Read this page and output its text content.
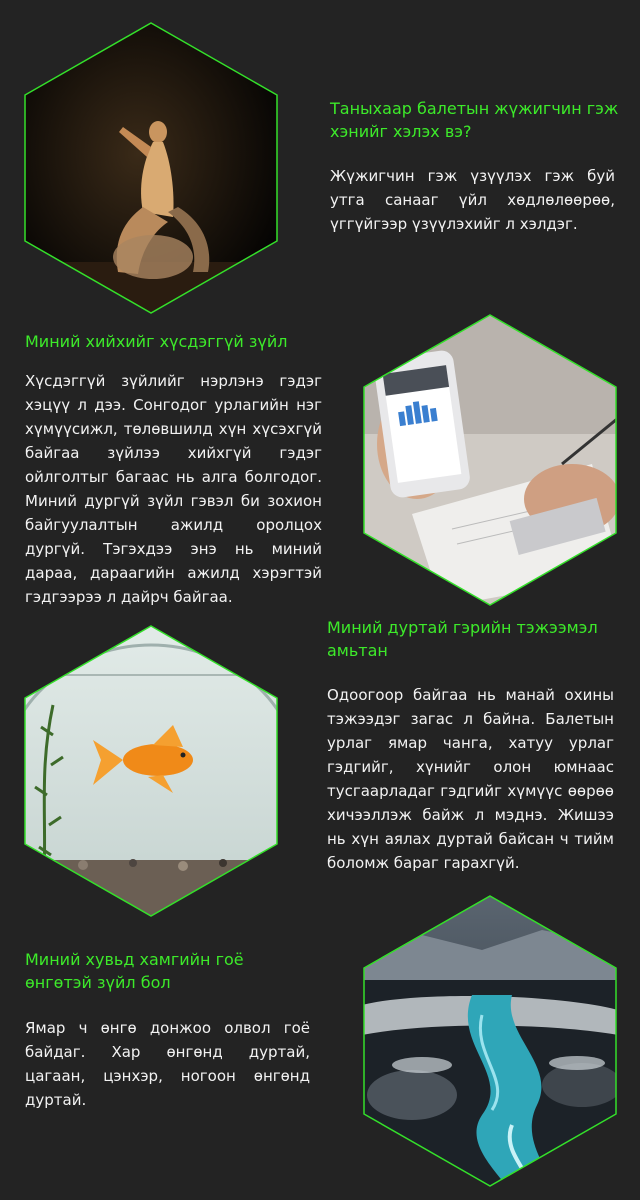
Таныхаар балетын жүжигчин гэж хэнийг хэлэх вэ?

Жүжигчин гэж үзүүлэх гэж буй утга санааг үйл хөдлөлөөрөө, үггүйгээр үзүүлэхийг л хэлдэг.

Миний хийхийг хүсдэггүй зүйл

Хүсдэггүй зүйлийг нэрлэнэ гэдэг хэцүү л дээ. Сонгодог урлагийн нэг хүмүүсижл, төлөвшилд хүн хүсэхгүй байгаа зүйлээ хийхгүй гэдэг ойлголтыг багаас нь алга болгодог. Миний дургүй зүйл гэвэл би зохион байгуулалтын ажилд оролцох дургүй. Тэгэхдээ энэ нь миний дараа, дараагийн ажилд хэрэгтэй гэдгээрээ л дайрч байгаа.

Миний дуртай гэрийн тэжээмэл амьтан

Одоогоор байгаа нь манай охины тэжээдэг загас л байна. Балетын урлаг ямар чанга, хатуу урлаг гэдгийг, хүнийг олон юмнаас тусгаарладаг гэдгийг хүмүүс өөрөө хичээллэж байж л мэднэ. Жишээ нь хүн аялах дуртай байсан ч тийм боломж бараг гарахгүй.

Миний хувьд хамгийн гоё өнгөтэй зүйл бол

Ямар ч өнгө донжоо олвол гоё байдаг. Хар өнгөнд дуртай, цагаан, цэнхэр, ногоон өнгөнд дуртай.
